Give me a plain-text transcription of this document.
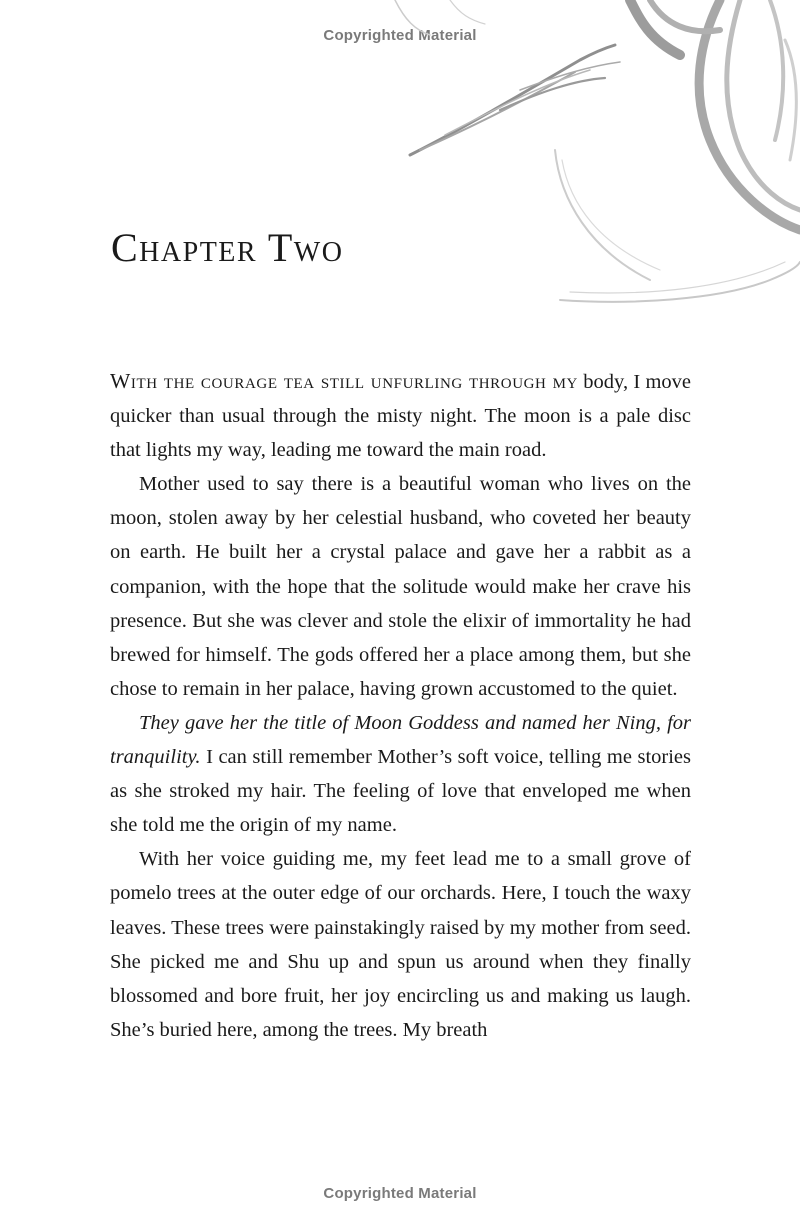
Copyrighted Material
Chapter Two

With the courage tea still unfurling through my body, I move quicker than usual through the misty night. The moon is a pale disc that lights my way, leading me toward the main road.

Mother used to say there is a beautiful woman who lives on the moon, stolen away by her celestial husband, who coveted her beauty on earth. He built her a crystal palace and gave her a rabbit as a companion, with the hope that the solitude would make her crave his presence. But she was clever and stole the elixir of immortality he had brewed for himself. The gods offered her a place among them, but she chose to remain in her palace, having grown accustomed to the quiet.

They gave her the title of Moon Goddess and named her Ning, for tranquility. I can still remember Mother’s soft voice, telling me stories as she stroked my hair. The feeling of love that enveloped me when she told me the origin of my name.

With her voice guiding me, my feet lead me to a small grove of pomelo trees at the outer edge of our orchards. Here, I touch the waxy leaves. These trees were painstakingly raised by my mother from seed. She picked me and Shu up and spun us around when they finally blossomed and bore fruit, her joy encircling us and making us laugh. She’s buried here, among the trees. My breath

Copyrighted Material
